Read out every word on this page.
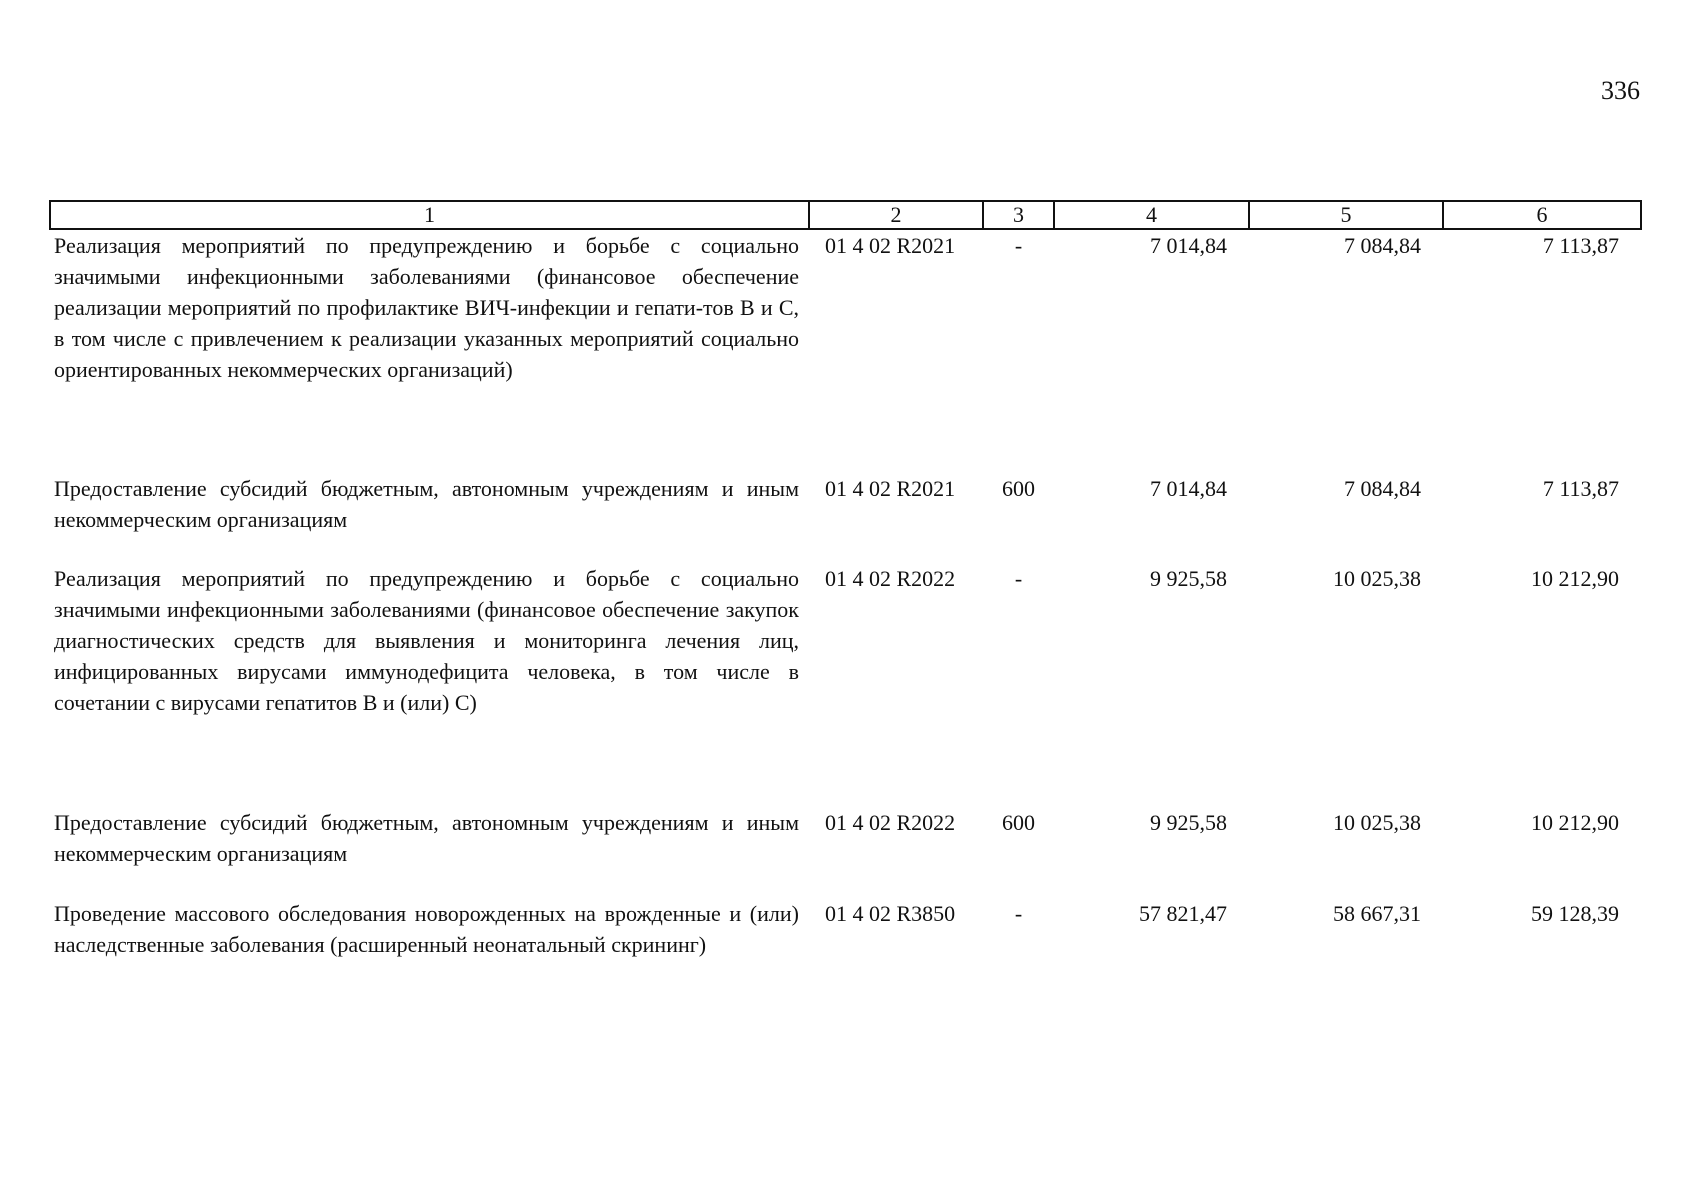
336
1	2	3	4	5	6
Реализация мероприятий по предупреждению и борьбе с социально значимыми инфекционными заболеваниями (финансовое обеспечение реализации мероприятий по профилактике ВИЧ-инфекции и гепати-тов В и С, в том числе с привлечением к реализации указанных мероприятий социально ориентированных некоммерческих организаций)	01 4 02 R2021	-	7 014,84	7 084,84	7 113,87
Предоставление субсидий бюджетным, автономным учреждениям и иным некоммерческим организациям	01 4 02 R2021	600	7 014,84	7 084,84	7 113,87
Реализация мероприятий по предупреждению и борьбе с социально значимыми инфекционными заболеваниями (финансовое обеспечение закупок диагностических средств для выявления и мониторинга лечения лиц, инфицированных вирусами иммунодефицита человека, в том числе в сочетании с вирусами гепатитов В и (или) С)	01 4 02 R2022	-	9 925,58	10 025,38	10 212,90
Предоставление субсидий бюджетным, автономным учреждениям и иным некоммерческим организациям	01 4 02 R2022	600	9 925,58	10 025,38	10 212,90
Проведение массового обследования новорожденных на врожденные и (или) наследственные заболевания (расширенный неонатальный скрининг)	01 4 02 R3850	-	57 821,47	58 667,31	59 128,39
